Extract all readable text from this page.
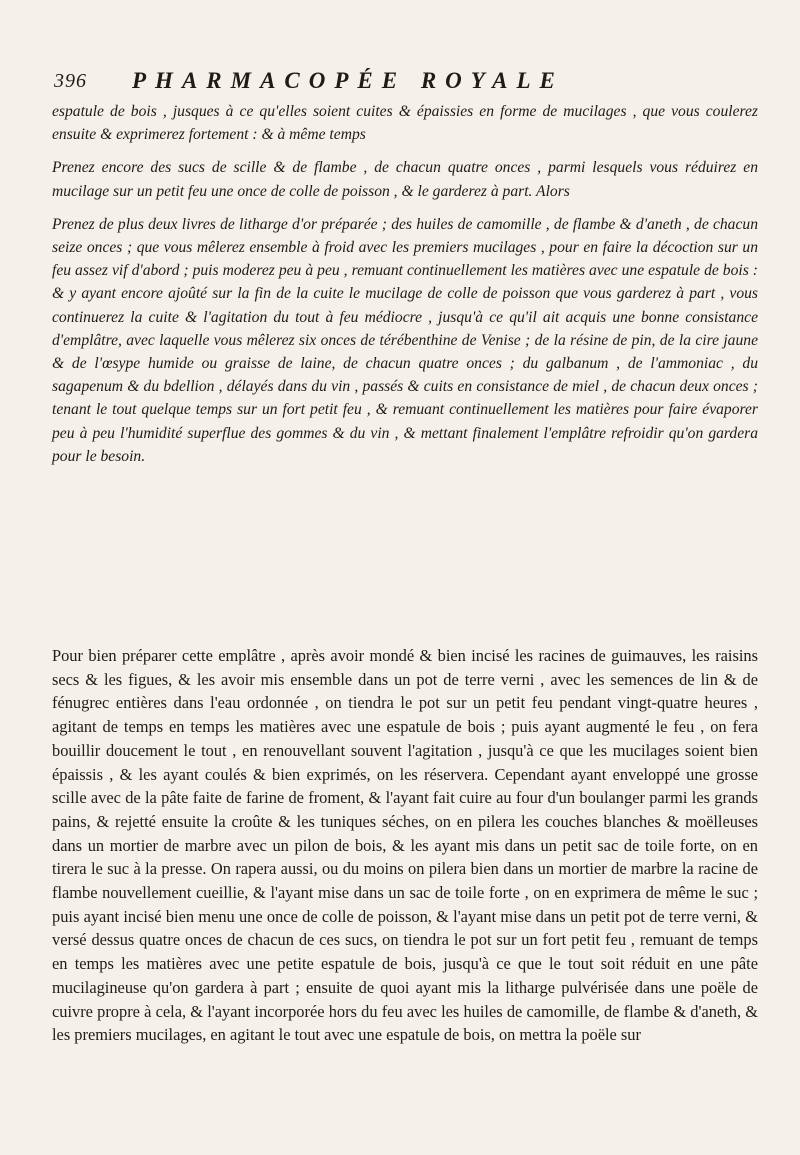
396 PHARMACOPÉE ROYALE

espatule de bois , jusques à ce qu'elles soient cuites & épaissies en forme de mucilages , que vous coulerez ensuite & exprimerez fortement : & à même temps

Prenez encore des sucs de scille & de flambe , de chacun quatre onces , parmi lesquels vous réduirez en mucilage sur un petit feu une once de colle de poisson , & le garderez à part. Alors

Prenez de plus deux livres de litharge d'or préparée ; des huiles de camomille , de flambe & d'aneth , de chacun seize onces ; que vous mêlerez ensemble à froid avec les premiers mucilages , pour en faire la décoction sur un feu assez vif d'abord ; puis moderez peu à peu , remuant continuellement les matières avec une espatule de bois : & y ayant encore ajoûté sur la fin de la cuite le mucilage de colle de poisson que vous garderez à part , vous continuerez la cuite & l'agitation du tout à feu médiocre , jusqu'à ce qu'il ait acquis une bonne consistance d'emplâtre, avec laquelle vous mêlerez six onces de térébenthine de Venise ; de la résine de pin, de la cire jaune & de l'œsype humide ou graisse de laine, de chacun quatre onces ; du galbanum , de l'ammoniac , du sagapenum & du bdellion , délayés dans du vin , passés & cuits en consistance de miel , de chacun deux onces ; tenant le tout quelque temps sur un fort petit feu , & remuant continuellement les matières pour faire évaporer peu à peu l'humidité superflue des gommes & du vin , & mettant finalement l'emplâtre refroidir qu'on gardera pour le besoin.

Pour bien préparer cette emplâtre , après avoir mondé & bien incisé les racines de guimauves, les raisins secs & les figues, & les avoir mis ensemble dans un pot de terre verni , avec les semences de lin & de fénugrec entières dans l'eau ordonnée , on tiendra le pot sur un petit feu pendant vingt-quatre heures , agitant de temps en temps les matières avec une espatule de bois ; puis ayant augmenté le feu , on fera bouillir doucement le tout , en renouvellant souvent l'agitation , jusqu'à ce que les mucilages soient bien épaissis , & les ayant coulés & bien exprimés, on les réservera. Cependant ayant enveloppé une grosse scille avec de la pâte faite de farine de froment, & l'ayant fait cuire au four d'un boulanger parmi les grands pains, & rejetté ensuite la croûte & les tuniques séches, on en pilera les couches blanches & moëlleuses dans un mortier de marbre avec un pilon de bois, & les ayant mis dans un petit sac de toile forte, on en tirera le suc à la presse. On rapera aussi, ou du moins on pilera bien dans un mortier de marbre la racine de flambe nouvellement cueillie, & l'ayant mise dans un sac de toile forte , on en exprimera de même le suc ; puis ayant incisé bien menu une once de colle de poisson, & l'ayant mise dans un petit pot de terre verni, & versé dessus quatre onces de chacun de ces sucs, on tiendra le pot sur un fort petit feu , remuant de temps en temps les matières avec une petite espatule de bois, jusqu'à ce que le tout soit réduit en une pâte mucilagineuse qu'on gardera à part ; ensuite de quoi ayant mis la litharge pulvérisée dans une poële de cuivre propre à cela, & l'ayant incorporée hors du feu avec les huiles de camomille, de flambe & d'aneth, & les premiers mucilages, en agitant le tout avec une espatule de bois, on mettra la poële sur
